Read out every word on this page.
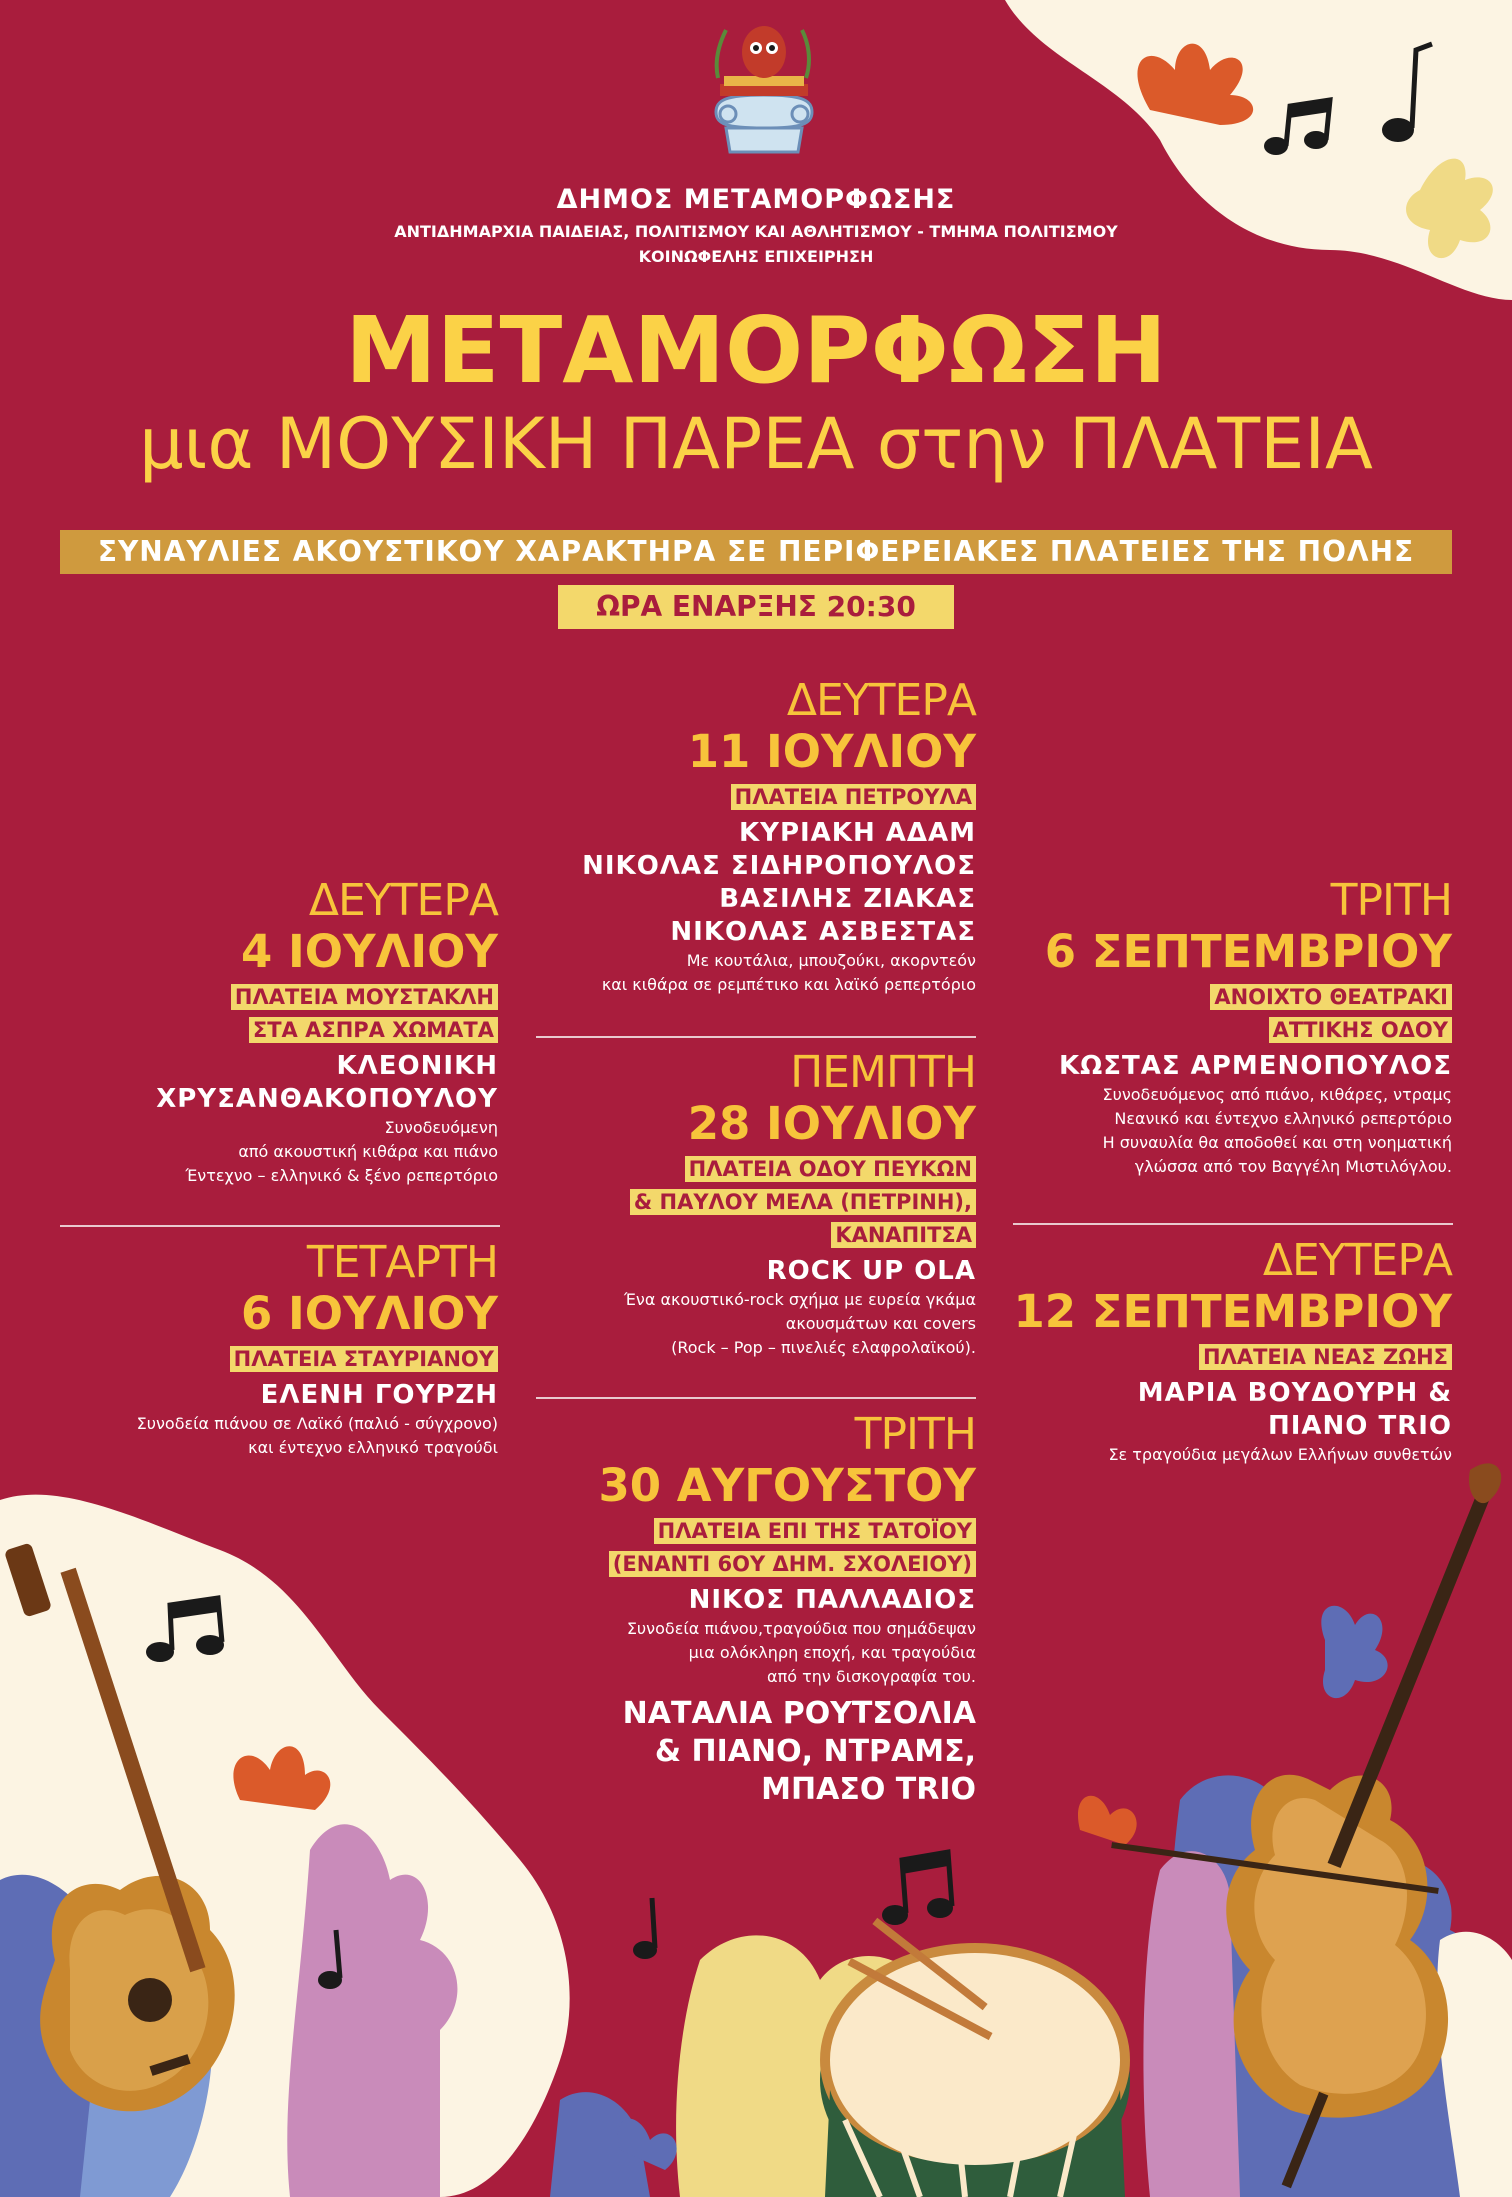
ΔΗΜΟΣ ΜΕΤΑΜΟΡΦΩΣΗΣ
ΑΝΤΙΔΗΜΑΡΧΙΑ ΠΑΙΔΕΙΑΣ, ΠΟΛΙΤΙΣΜΟΥ ΚΑΙ ΑΘΛΗΤΙΣΜΟΥ - ΤΜΗΜΑ ΠΟΛΙΤΙΣΜΟΥ
ΚΟΙΝΩΦΕΛΗΣ ΕΠΙΧΕΙΡΗΣΗ
ΜΕΤΑΜΟΡΦΩΣΗ
μια ΜΟΥΣΙΚΗ ΠΑΡΕΑ στην ΠΛΑΤΕΙΑ
ΣΥΝΑΥΛΙΕΣ ΑΚΟΥΣΤΙΚΟΥ ΧΑΡΑΚΤΗΡΑ ΣΕ ΠΕΡΙΦΕΡΕΙΑΚΕΣ ΠΛΑΤΕΙΕΣ ΤΗΣ ΠΟΛΗΣ
ΩΡΑ ΕΝΑΡΞΗΣ 20:30
ΔΕΥΤΕΡΑ
11 ΙΟΥΛΙΟΥ
ΠΛΑΤΕΙΑ ΠΕΤΡΟΥΛΑ
ΚΥΡΙΑΚΗ ΑΔΑΜ
ΝΙΚΟΛΑΣ ΣΙΔΗΡΟΠΟΥΛΟΣ
ΒΑΣΙΛΗΣ ΖΙΑΚΑΣ
ΝΙΚΟΛΑΣ ΑΣΒΕΣΤΑΣ
Με κουτάλια, μπουζούκι, ακορντεόν
και κιθάρα σε ρεμπέτικο και λαϊκό ρεπερτόριο
ΠΕΜΠΤΗ
28 ΙΟΥΛΙΟΥ
ΠΛΑΤΕΙΑ ΟΔΟΥ ΠΕΥΚΩΝ
& ΠΑΥΛΟΥ ΜΕΛΑ (ΠΕΤΡΙΝΗ),
ΚΑΝΑΠΙΤΣΑ
ROCK UP OLA
Ένα ακουστικό-rock σχήμα με ευρεία γκάμα
ακουσμάτων και covers
(Rock – Pop – πινελιές ελαφρολαϊκού).
ΤΡΙΤΗ
30 ΑΥΓΟΥΣΤΟΥ
ΠΛΑΤΕΙΑ ΕΠΙ ΤΗΣ ΤΑΤΟΪΟΥ
(ΕΝΑΝΤΙ 6ΟΥ ΔΗΜ. ΣΧΟΛΕΙΟΥ)
ΝΙΚΟΣ ΠΑΛΛΑΔΙΟΣ
Συνοδεία πιάνου,τραγούδια που σημάδεψαν
μια ολόκληρη εποχή, και τραγούδια
από την δισκογραφία του.
ΝΑΤΑΛΙΑ ΡΟΥΤΣΟΛΙΑ
& ΠΙΑΝΟ, ΝΤΡΑΜΣ,
ΜΠΑΣΟ TRIO
ΔΕΥΤΕΡΑ
4 ΙΟΥΛΙΟΥ
ΠΛΑΤΕΙΑ ΜΟΥΣΤΑΚΛΗ
ΣΤΑ ΑΣΠΡΑ ΧΩΜΑΤΑ
ΚΛΕΟΝΙΚΗ
ΧΡΥΣΑΝΘΑΚΟΠΟΥΛΟΥ
Συνοδευόμενη
από ακουστική κιθάρα και πιάνο
Έντεχνο – ελληνικό & ξένο ρεπερτόριο
ΤΕΤΑΡΤΗ
6 ΙΟΥΛΙΟΥ
ΠΛΑΤΕΙΑ ΣΤΑΥΡΙΑΝΟΥ
ΕΛΕΝΗ ΓΟΥΡΖΗ
Συνοδεία πιάνου σε Λαϊκό (παλιό - σύγχρονο)
και έντεχνο ελληνικό τραγούδι
ΤΡΙΤΗ
6 ΣΕΠΤΕΜΒΡΙΟΥ
ΑΝΟΙΧΤΟ ΘΕΑΤΡΑΚΙ
ΑΤΤΙΚΗΣ ΟΔΟΥ
ΚΩΣΤΑΣ ΑΡΜΕΝΟΠΟΥΛΟΣ
Συνοδευόμενος από πιάνο, κιθάρες, ντραμς
Νεανικό και έντεχνο ελληνικό ρεπερτόριο
Η συναυλία θα αποδοθεί και στη νοηματική
γλώσσα από τον Βαγγέλη Μιστιλόγλου.
ΔΕΥΤΕΡΑ
12 ΣΕΠΤΕΜΒΡΙΟΥ
ΠΛΑΤΕΙΑ ΝΕΑΣ ΖΩΗΣ
ΜΑΡΙΑ ΒΟΥΔΟΥΡΗ &
ΠΙΑΝΟ TRIO
Σε τραγούδια μεγάλων Ελλήνων συνθετών
